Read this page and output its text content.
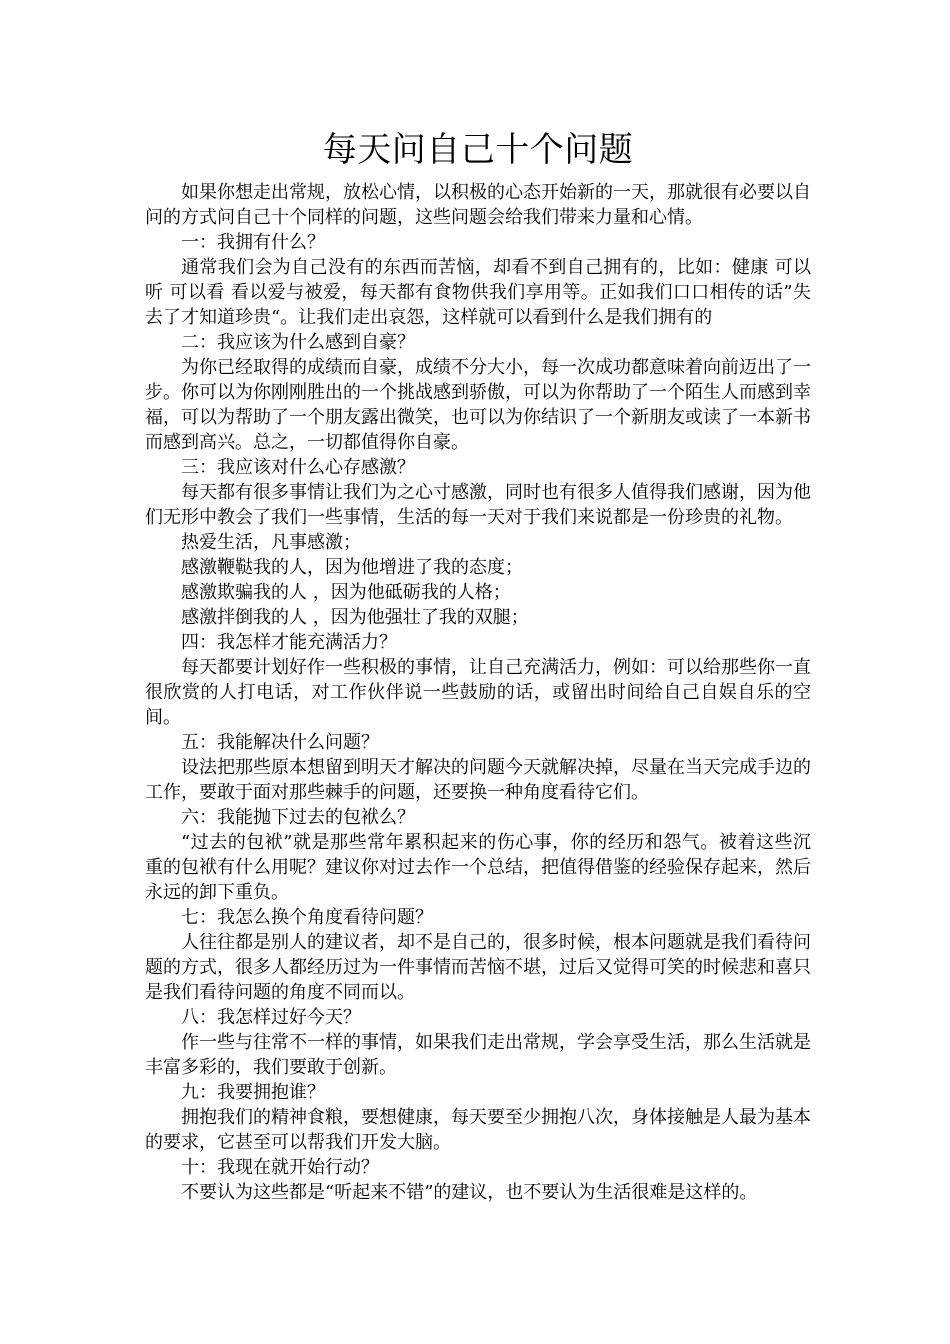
每天问自己十个问题

如果你想走出常规，放松心情，以积极的心态开始新的一天，那就很有必要以自问的方式问自己十个同样的问题，这些问题会给我们带来力量和心情。

一：我拥有什么？

通常我们会为自己没有的东西而苦恼，却看不到自己拥有的，比如：健康 可以听 可以看 看以爱与被爱，每天都有食物供我们享用等。正如我们口口相传的话”失去了才知道珍贵“。让我们走出哀怨，这样就可以看到什么是我们拥有的

二：我应该为什么感到自豪？

为你已经取得的成绩而自豪，成绩不分大小，每一次成功都意味着向前迈出了一步。你可以为你刚刚胜出的一个挑战感到骄傲，可以为你帮助了一个陌生人而感到幸福，可以为帮助了一个朋友露出微笑，也可以为你结识了一个新朋友或读了一本新书而感到高兴。总之，一切都值得你自豪。

三：我应该对什么心存感激？

每天都有很多事情让我们为之心寸感激，同时也有很多人值得我们感谢，因为他们无形中教会了我们一些事情，生活的每一天对于我们来说都是一份珍贵的礼物。

热爱生活，凡事感激；

感激鞭鞑我的人，因为他增进了我的态度；

感激欺骗我的人 ，因为他砥砺我的人格；

感激拌倒我的人 ，因为他强壮了我的双腿；

四：我怎样才能充满活力？

每天都要计划好作一些积极的事情，让自己充满活力，例如：可以给那些你一直很欣赏的人打电话，对工作伙伴说一些鼓励的话，或留出时间给自己自娱自乐的空间。

五：我能解决什么问题？

设法把那些原本想留到明天才解决的问题今天就解决掉，尽量在当天完成手边的工作，要敢于面对那些棘手的问题，还要换一种角度看待它们。

六：我能抛下过去的包袱么？

“过去的包袱”就是那些常年累积起来的伤心事，你的经历和怨气。被着这些沉重的包袱有什么用呢？建议你对过去作一个总结，把值得借鉴的经验保存起来，然后永远的卸下重负。

七：我怎么换个角度看待问题？

人往往都是别人的建议者，却不是自己的，很多时候，根本问题就是我们看待问题的方式，很多人都经历过为一件事情而苦恼不堪，过后又觉得可笑的时候悲和喜只是我们看待问题的角度不同而以。

八：我怎样过好今天？

作一些与往常不一样的事情，如果我们走出常规，学会享受生活，那么生活就是丰富多彩的，我们要敢于创新。

九：我要拥抱谁？

拥抱我们的精神食粮，要想健康，每天要至少拥抱八次，身体接触是人最为基本的要求，它甚至可以帮我们开发大脑。

十：我现在就开始行动？

不要认为这些都是“听起来不错”的建议，也不要认为生活很难是这样的。
